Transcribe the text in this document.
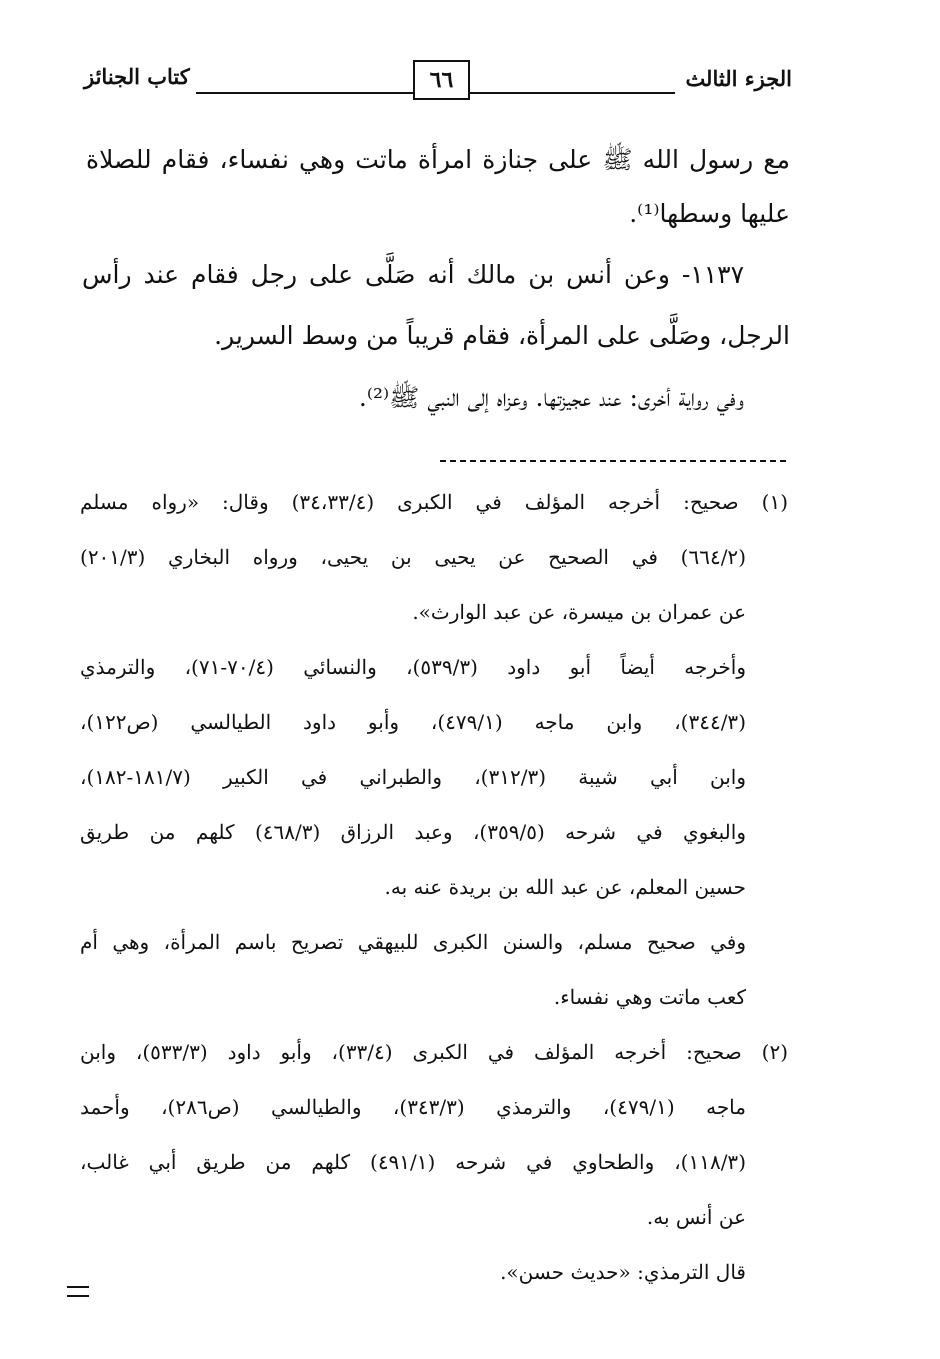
الجزء الثالث
٦٦
كتاب الجنائز

مع رسول الله ﷺ على جنازة امرأة ماتت وهي نفساء، فقام للصلاة

عليها وسطها⁽¹⁾.

١١٣٧- وعن أنس بن مالك أنه صَلَّى على رجل فقام عند رأس

الرجل، وصَلَّى على المرأة، فقام قريباً من وسط السرير.

وفي رواية أخرى: عند عجيزتها. وعزاه إلى النبي ﷺ⁽²⁾.

(١) صحيح: أخرجه المؤلف في الكبرى (٣٤،٣٣/٤) وقال: «رواه مسلم

(٦٦٤/٢) في الصحيح عن يحيى بن يحيى، ورواه البخاري (٢٠١/٣)

عن عمران بن ميسرة، عن عبد الوارث».

وأخرجه أيضاً أبو داود (٥٣٩/٣)، والنسائي (٧٠/٤-٧١)، والترمذي

(٣٤٤/٣)، وابن ماجه (٤٧٩/١)، وأبو داود الطيالسي (ص١٢٢)،

وابن أبي شيبة (٣١٢/٣)، والطبراني في الكبير (١٨١/٧-١٨٢)،

والبغوي في شرحه (٣٥٩/٥)، وعبد الرزاق (٤٦٨/٣) كلهم من طريق

حسين المعلم، عن عبد الله بن بريدة عنه به.

وفي صحيح مسلم، والسنن الكبرى للبيهقي تصريح باسم المرأة، وهي أم

كعب ماتت وهي نفساء.

(٢) صحيح: أخرجه المؤلف في الكبرى (٣٣/٤)، وأبو داود (٥٣٣/٣)، وابن

ماجه (٤٧٩/١)، والترمذي (٣٤٣/٣)، والطيالسي (ص٢٨٦)، وأحمد

(١١٨/٣)، والطحاوي في شرحه (٤٩١/١) كلهم من طريق أبي غالب،

عن أنس به.

قال الترمذي: «حديث حسن».
